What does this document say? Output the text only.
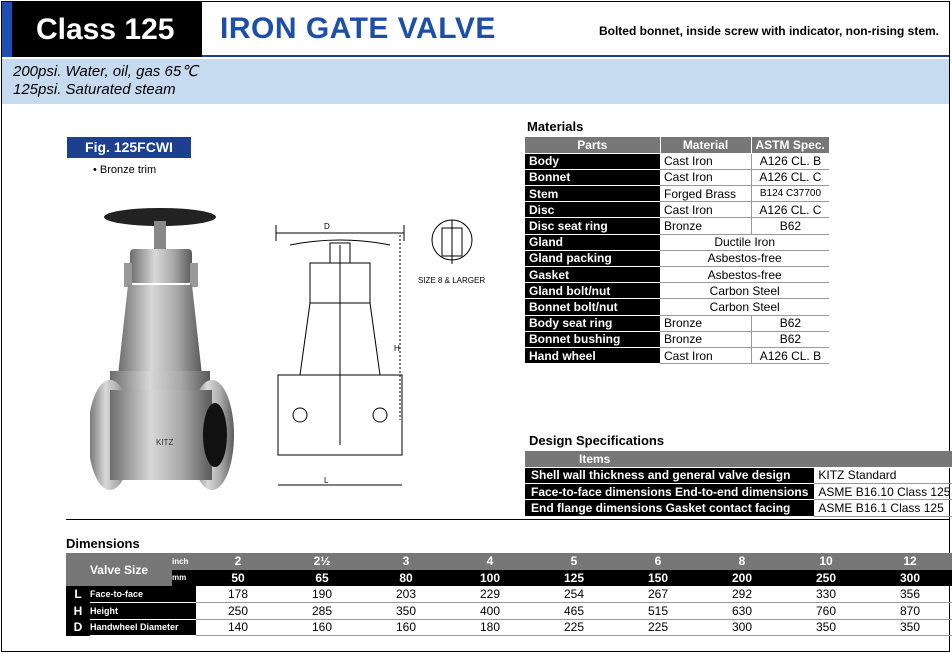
Class 125	IRON GATE VALVE	Bolted bonnet, inside screw with indicator, non-rising stem.
200psi. Water, oil, gas 65℃
125psi. Saturated steam
Fig. 125FCWI
• Bronze trim
KITZ
D
H
L
SIZE 8 & LARGER
Materials
Parts	Material	ASTM Spec.
Body	Cast Iron	A126 CL. B
Bonnet	Cast Iron	A126 CL. C
Stem	Forged Brass	B124 C37700
Disc	Cast Iron	A126 CL. C
Disc seat ring	Bronze	B62
Gland	Ductile Iron	
Gland packing	Asbestos-free	
Gasket	Asbestos-free	
Gland bolt/nut	Carbon Steel	
Bonnet bolt/nut	Carbon Steel	
Body seat ring	Bronze	B62
Bonnet bushing	Bronze	B62
Hand wheel	Cast Iron	A126 CL. B
Design Specifications
Items	
Shell wall thickness and general valve design	KITZ Standard
Face-to-face dimensions End-to-end dimensions	ASME B16.10 Class 125
End flange dimensions Gasket contact facing	ASME B16.1 Class 125
Dimensions
Valve Size		inch	2	2½	3	4	5	6	8	10	12
		mm	50	65	80	100	125	150	200	250	300
L	Face-to-face		178	190	203	229	254	267	292	330	356
H	Height		250	285	350	400	465	515	630	760	870
D	Handwheel Diameter		140	160	160	180	225	225	300	350	350
